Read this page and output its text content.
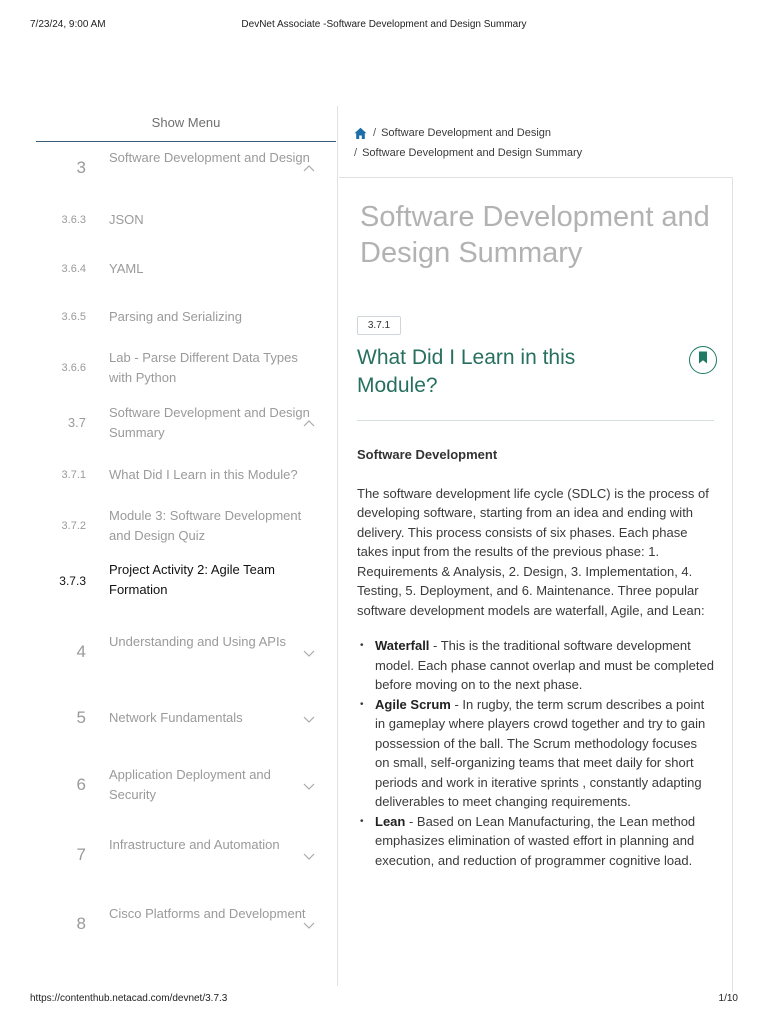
7/23/24, 9:00 AM	DevNet Associate -Software Development and Design Summary
Show Menu
3
Software Development and Design
3.6.3 JSON
3.6.4 YAML
3.6.5 Parsing and Serializing
3.6.6
Lab - Parse Different Data Types with Python
3.7
Software Development and Design Summary
3.7.1 What Did I Learn in this Module?
3.7.2
Module 3: Software Development and Design Quiz
3.7.3
Project Activity 2: Agile Team Formation
4
Understanding and Using APIs
5 Network Fundamentals
6
Application Deployment and Security
7
Infrastructure and Automation
8
Cisco Platforms and Development
/ Software Development and Design
/ Software Development and Design Summary
Software Development and Design Summary
3.7.1
What Did I Learn in this Module?
Software Development

The software development life cycle (SDLC) is the process of developing software, starting from an idea and ending with delivery. This process consists of six phases. Each phase takes input from the results of the previous phase: 1. Requirements & Analysis, 2. Design, 3. Implementation, 4. Testing, 5. Deployment, and 6. Maintenance. Three popular software development models are waterfall, Agile, and Lean:

• Waterfall - This is the traditional software development model. Each phase cannot overlap and must be completed before moving on to the next phase.
• Agile Scrum - In rugby, the term scrum describes a point in gameplay where players crowd together and try to gain possession of the ball. The Scrum methodology focuses on small, self-organizing teams that meet daily for short periods and work in iterative sprints , constantly adapting deliverables to meet changing requirements.
• Lean - Based on Lean Manufacturing, the Lean method emphasizes elimination of wasted effort in planning and execution, and reduction of programmer cognitive load.
https://contenthub.netacad.com/devnet/3.7.3	1/10
